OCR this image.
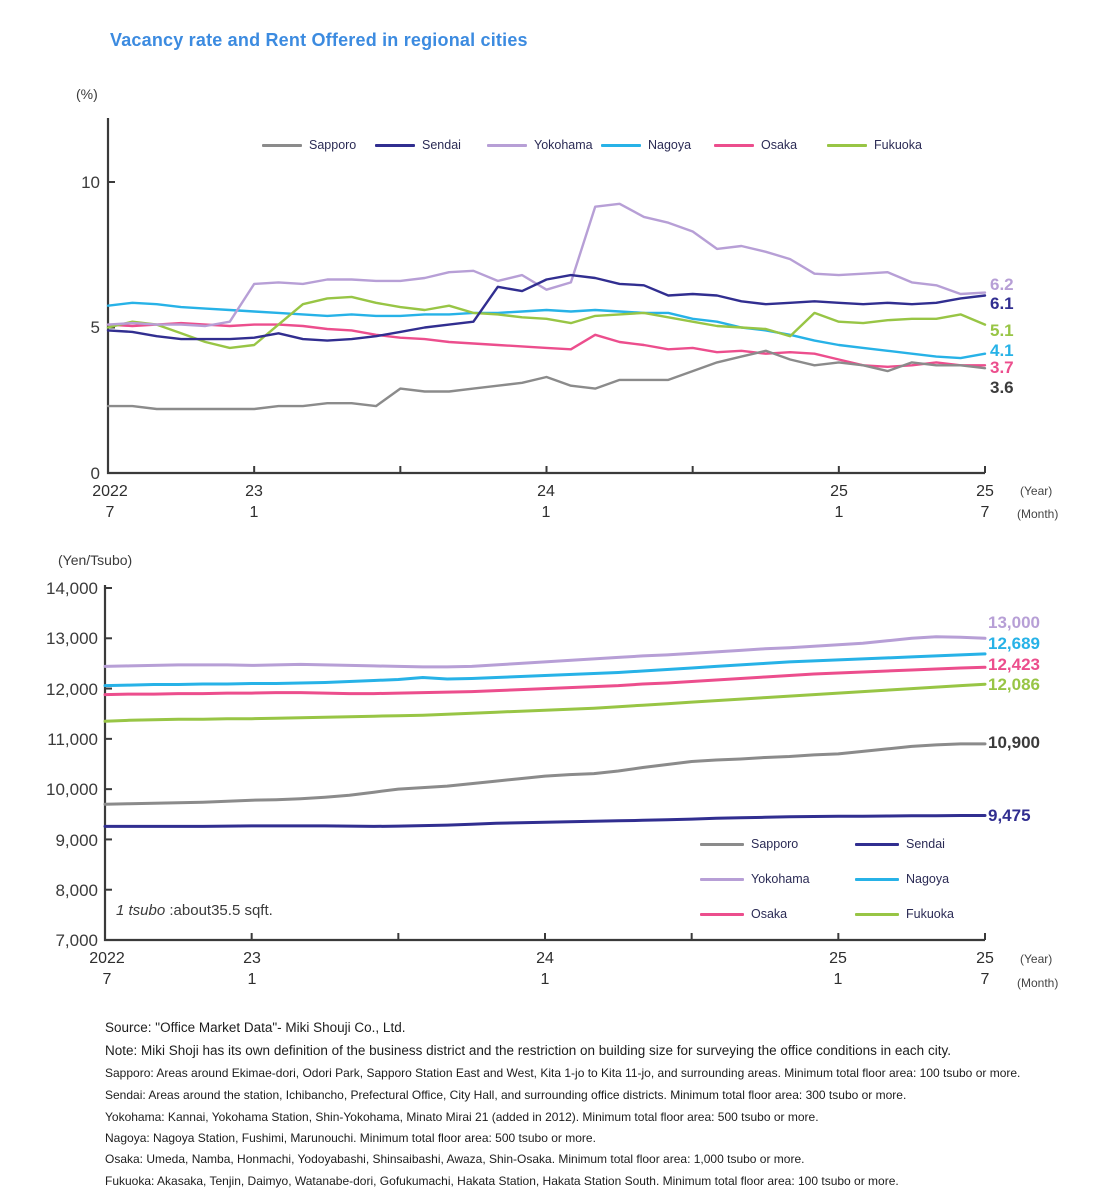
Vacancy rate and Rent Offered in regional cities
(%)
10
5
0
Sapporo	Sendai	Yokohama	Nagoya	Osaka	Fukuoka
6.2
6.1
5.1
4.1
3.7
3.6
2022
7
23
1
24
1
25
1
25
7
(Year)
(Month)
(Yen/Tsubo)
14,000
13,000
12,000
11,000
10,000
9,000
8,000
7,000
13,000
12,689
12,423
12,086
10,900
9,475
Sapporo	Sendai
Yokohama	Nagoya
Osaka	Fukuoka
1 tsubo :about35.5 sqft.
2022
7
23
1
24
1
25
1
25
7
(Year)
(Month)
Source: "Office Market Data"- Miki Shouji Co., Ltd.
Note: Miki Shoji has its own definition of the business district and the restriction on building size for surveying the office conditions in each city.
Sapporo: Areas around Ekimae-dori, Odori Park, Sapporo Station East and West, Kita 1-jo to Kita 11-jo, and surrounding areas. Minimum total floor area: 100 tsubo or more.
Sendai: Areas around the station, Ichibancho, Prefectural Office, City Hall, and surrounding office districts. Minimum total floor area: 300 tsubo or more.
Yokohama: Kannai, Yokohama Station, Shin-Yokohama, Minato Mirai 21 (added in 2012). Minimum total floor area: 500 tsubo or more.
Nagoya: Nagoya Station, Fushimi, Marunouchi. Minimum total floor area: 500 tsubo or more.
Osaka: Umeda, Namba, Honmachi, Yodoyabashi, Shinsaibashi, Awaza, Shin-Osaka. Minimum total floor area: 1,000 tsubo or more.
Fukuoka: Akasaka, Tenjin, Daimyo, Watanabe-dori, Gofukumachi, Hakata Station, Hakata Station South. Minimum total floor area: 100 tsubo or more.
